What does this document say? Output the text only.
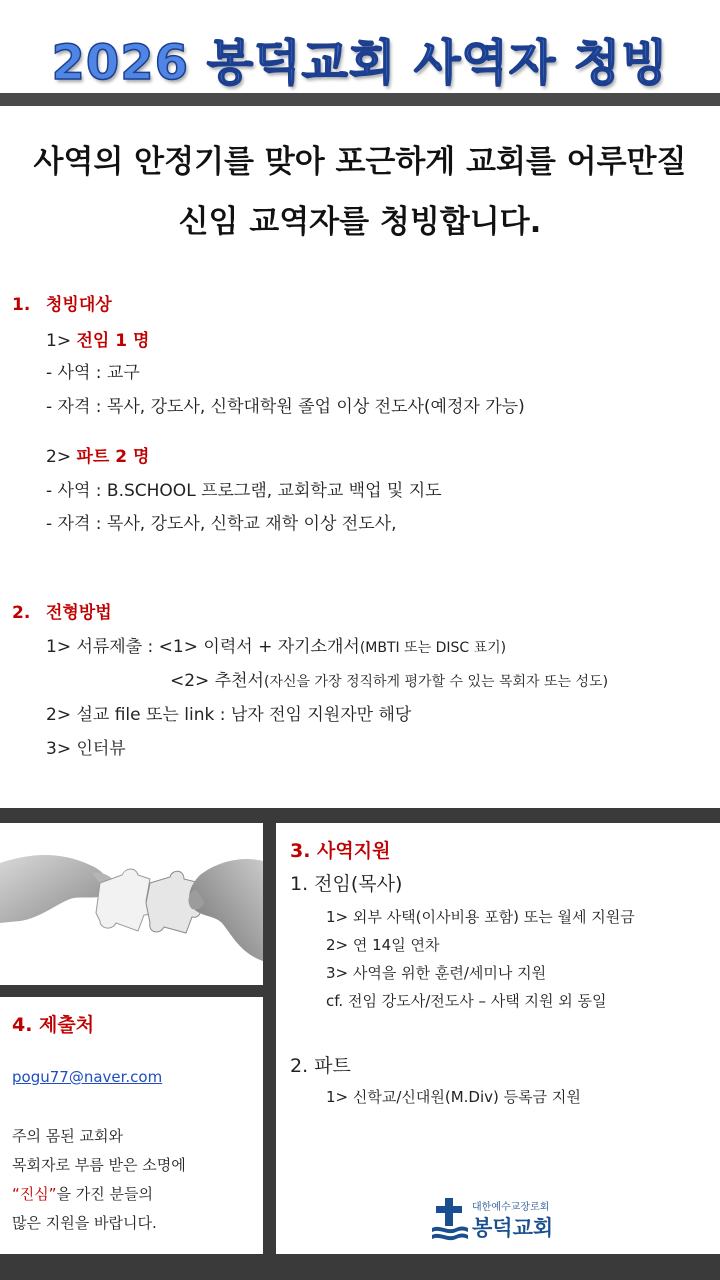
2026 봉덕교회 사역자 청빙
사역의 안정기를 맞아 포근하게 교회를 어루만질
신임 교역자를 청빙합니다.
1. 청빙대상
1> 전임 1 명
- 사역 : 교구
- 자격 : 목사, 강도사, 신학대학원 졸업 이상 전도사(예정자 가능)
2> 파트 2 명
- 사역 : B.SCHOOL 프로그램, 교회학교 백업 및 지도
- 자격 : 목사, 강도사, 신학교 재학 이상 전도사,
2. 전형방법
1> 서류제출 : <1> 이력서 + 자기소개서(MBTI 또는 DISC 표기)
<2> 추천서(자신을 가장 정직하게 평가할 수 있는 목회자 또는 성도)
2> 설교 file 또는 link : 남자 전임 지원자만 해당
3> 인터뷰
3. 사역지원
1. 전임(목사)
1> 외부 사택(이사비용 포함) 또는 월세 지원금
2> 연 14일 연차
3> 사역을 위한 훈련/세미나 지원
cf. 전임 강도사/전도사 – 사택 지원 외 동일
2. 파트
1> 신학교/신대원(M.Div) 등록금 지원
4. 제출처
pogu77@naver.com
주의 몸된 교회와
목회자로 부름 받은 소명에
“진심”을 가진 분들의
많은 지원을 바랍니다.
대한예수교장로회
봉덕교회
